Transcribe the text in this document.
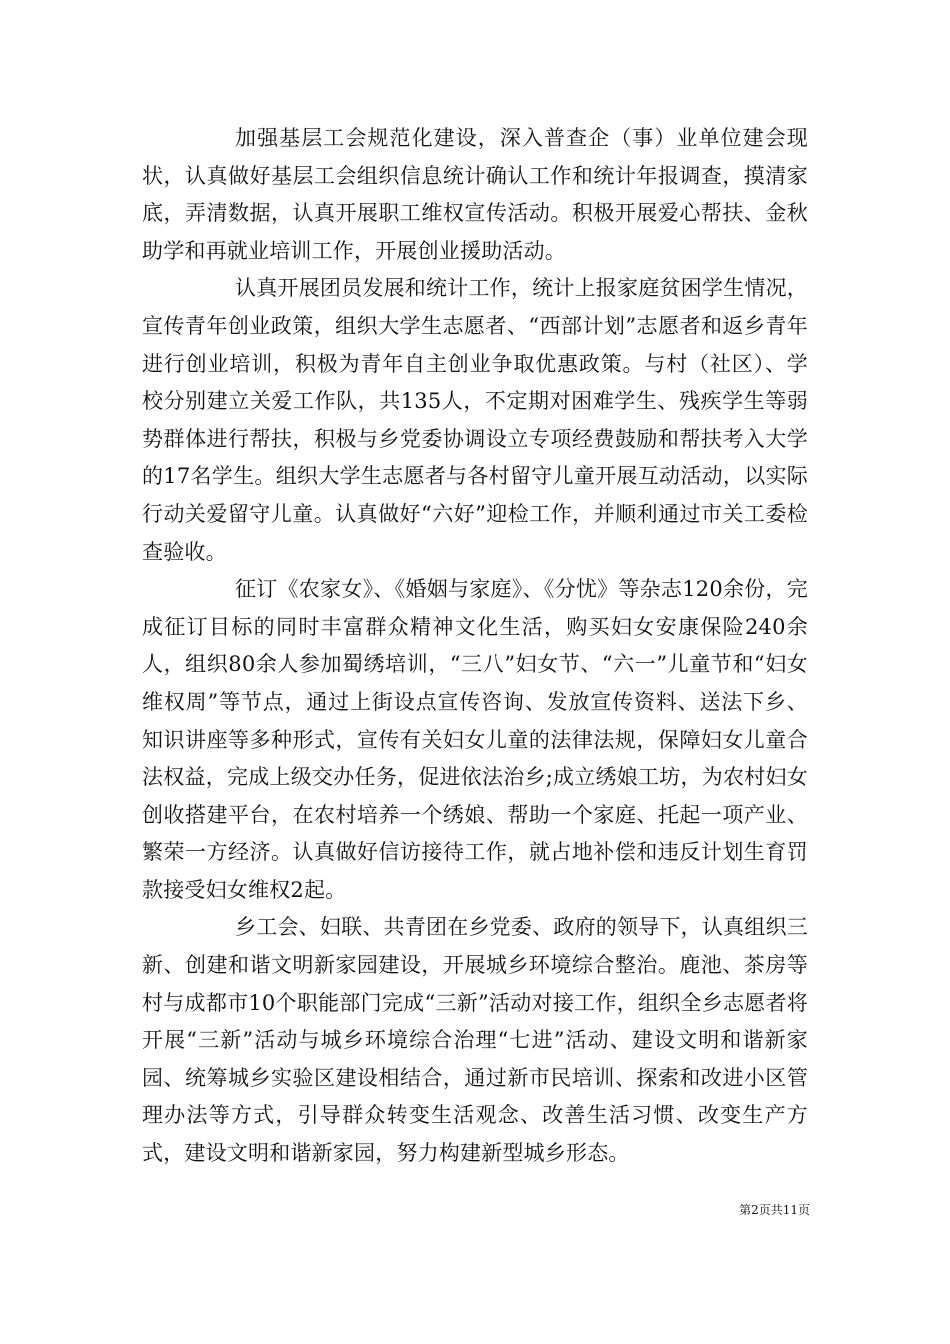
加强基层工会规范化建设，深入普查企（事）业单位建会现状，认真做好基层工会组织信息统计确认工作和统计年报调查，摸清家底，弄清数据，认真开展职工维权宣传活动。积极开展爱心帮扶、金秋助学和再就业培训工作，开展创业援助活动。

认真开展团员发展和统计工作，统计上报家庭贫困学生情况，宣传青年创业政策，组织大学生志愿者、“西部计划”志愿者和返乡青年进行创业培训，积极为青年自主创业争取优惠政策。与村（社区）、学校分别建立关爱工作队，共135人，不定期对困难学生、残疾学生等弱势群体进行帮扶，积极与乡党委协调设立专项经费鼓励和帮扶考入大学的17名学生。组织大学生志愿者与各村留守儿童开展互动活动，以实际行动关爱留守儿童。认真做好“六好”迎检工作，并顺利通过市关工委检查验收。

征订《农家女》、《婚姻与家庭》、《分忧》等杂志120余份，完成征订目标的同时丰富群众精神文化生活，购买妇女安康保险240余人，组织80余人参加蜀绣培训，“三八”妇女节、“六一”儿童节和“妇女维权周”等节点，通过上街设点宣传咨询、发放宣传资料、送法下乡、知识讲座等多种形式，宣传有关妇女儿童的法律法规，保障妇女儿童合法权益，完成上级交办任务，促进依法治乡;成立绣娘工坊，为农村妇女创收搭建平台，在农村培养一个绣娘、帮助一个家庭、托起一项产业、繁荣一方经济。认真做好信访接待工作，就占地补偿和违反计划生育罚款接受妇女维权2起。

乡工会、妇联、共青团在乡党委、政府的领导下，认真组织三新、创建和谐文明新家园建设，开展城乡环境综合整治。鹿池、茶房等村与成都市10个职能部门完成“三新”活动对接工作，组织全乡志愿者将开展“三新”活动与城乡环境综合治理“七进”活动、建设文明和谐新家园、统筹城乡实验区建设相结合，通过新市民培训、探索和改进小区管理办法等方式，引导群众转变生活观念、改善生活习惯、改变生产方式，建设文明和谐新家园，努力构建新型城乡形态。

第2页共11页
